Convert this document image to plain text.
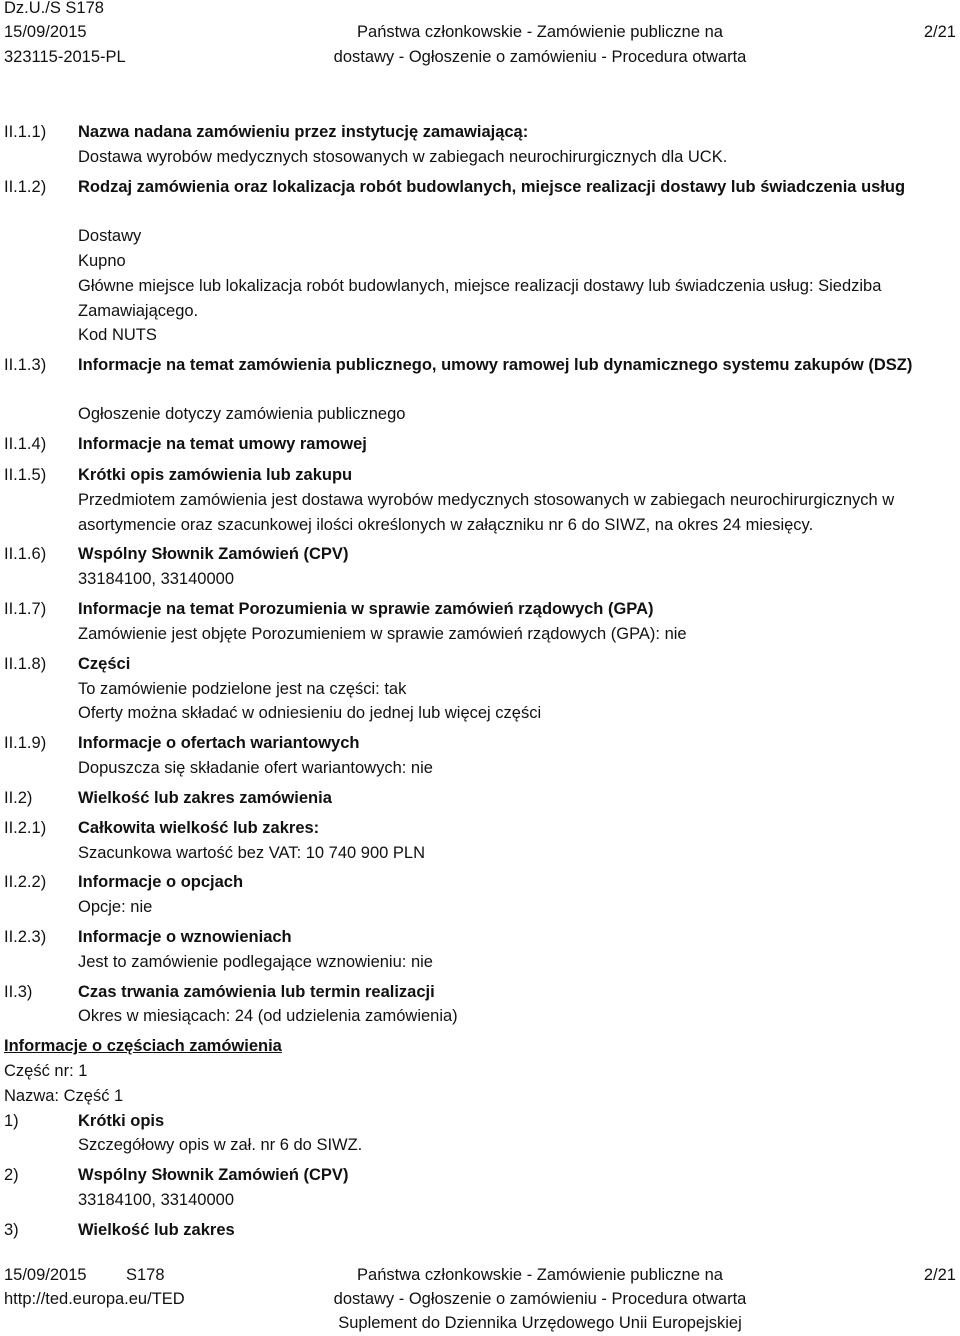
Dz.U./S S178
15/09/2015
323115-2015-PL
Państwa członkowskie - Zamówienie publiczne na
dostawy - Ogłoszenie o zamówieniu - Procedura otwarta
2/21
II.1.1) Nazwa nadana zamówieniu przez instytucję zamawiającą:
Dostawa wyrobów medycznych stosowanych w zabiegach neurochirurgicznych dla UCK.
II.1.2) Rodzaj zamówienia oraz lokalizacja robót budowlanych, miejsce realizacji dostawy lub świadczenia usług
Dostawy
Kupno
Główne miejsce lub lokalizacja robót budowlanych, miejsce realizacji dostawy lub świadczenia usług: Siedziba Zamawiającego.
Kod NUTS
II.1.3) Informacje na temat zamówienia publicznego, umowy ramowej lub dynamicznego systemu zakupów (DSZ)
Ogłoszenie dotyczy zamówienia publicznego
II.1.4) Informacje na temat umowy ramowej
II.1.5) Krótki opis zamówienia lub zakupu
Przedmiotem zamówienia jest dostawa wyrobów medycznych stosowanych w zabiegach neurochirurgicznych w asortymencie oraz szacunkowej ilości określonych w załączniku nr 6 do SIWZ, na okres 24 miesięcy.
II.1.6) Wspólny Słownik Zamówień (CPV)
33184100, 33140000
II.1.7) Informacje na temat Porozumienia w sprawie zamówień rządowych (GPA)
Zamówienie jest objęte Porozumieniem w sprawie zamówień rządowych (GPA): nie
II.1.8) Części
To zamówienie podzielone jest na części: tak
Oferty można składać w odniesieniu do jednej lub więcej części
II.1.9) Informacje o ofertach wariantowych
Dopuszcza się składanie ofert wariantowych: nie
II.2)	Wielkość lub zakres zamówienia
II.2.1) Całkowita wielkość lub zakres:
Szacunkowa wartość bez VAT: 10 740 900 PLN
II.2.2) Informacje o opcjach
Opcje: nie
II.2.3) Informacje o wznowieniach
Jest to zamówienie podlegające wznowieniu: nie
II.3)	Czas trwania zamówienia lub termin realizacji
Okres w miesiącach: 24 (od udzielenia zamówienia)
Informacje o częściach zamówienia
Część nr: 1
Nazwa: Część 1
1)	Krótki opis
Szczegółowy opis w zał. nr 6 do SIWZ.
2)	Wspólny Słownik Zamówień (CPV)
33184100, 33140000
3)	Wielkość lub zakres
15/09/2015 S178
http://ted.europa.eu/TED
Państwa członkowskie - Zamówienie publiczne na
dostawy - Ogłoszenie o zamówieniu - Procedura otwarta
Suplement do Dziennika Urzędowego Unii Europejskiej
2/21
